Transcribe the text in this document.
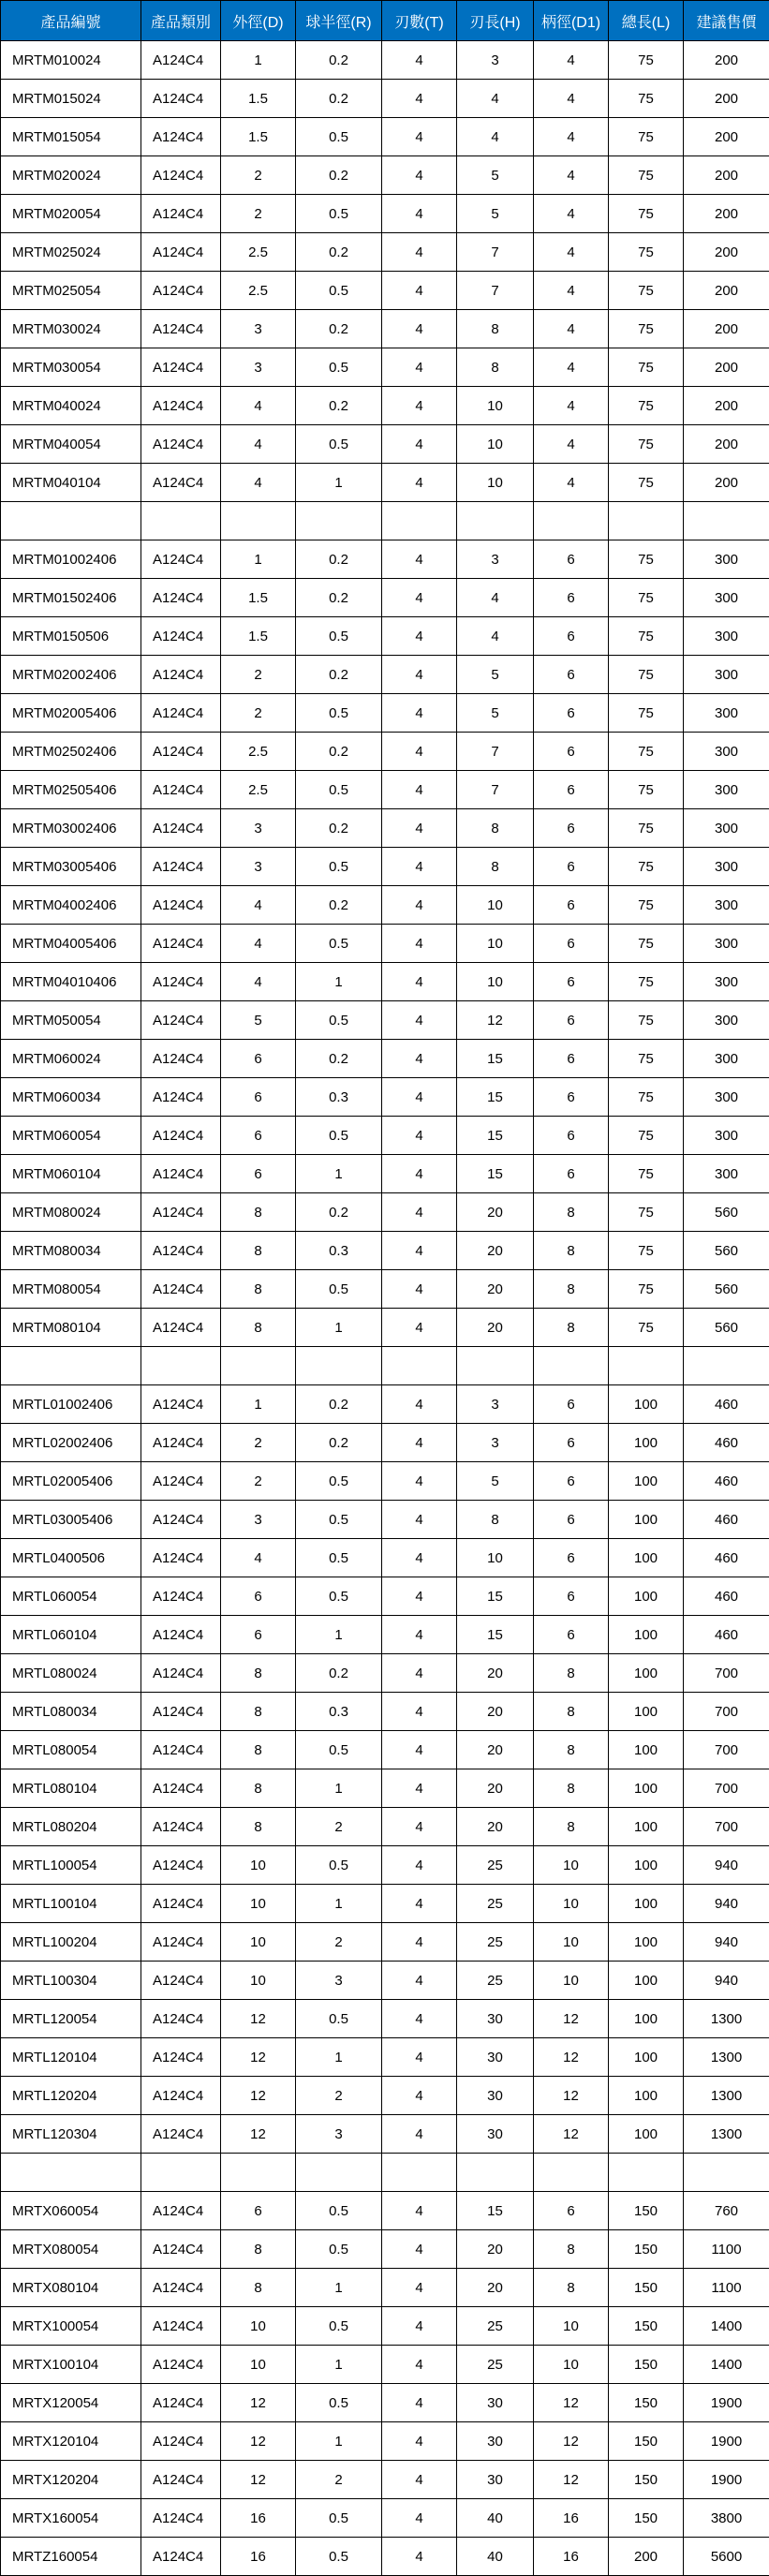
產品編號	產品類別	外徑(D)	球半徑(R)	刃數(T)	刃長(H)	柄徑(D1)	總長(L)	建議售價
MRTM010024	A124C4	1	0.2	4	3	4	75	200
MRTM015024	A124C4	1.5	0.2	4	4	4	75	200
MRTM015054	A124C4	1.5	0.5	4	4	4	75	200
MRTM020024	A124C4	2	0.2	4	5	4	75	200
MRTM020054	A124C4	2	0.5	4	5	4	75	200
MRTM025024	A124C4	2.5	0.2	4	7	4	75	200
MRTM025054	A124C4	2.5	0.5	4	7	4	75	200
MRTM030024	A124C4	3	0.2	4	8	4	75	200
MRTM030054	A124C4	3	0.5	4	8	4	75	200
MRTM040024	A124C4	4	0.2	4	10	4	75	200
MRTM040054	A124C4	4	0.5	4	10	4	75	200
MRTM040104	A124C4	4	1	4	10	4	75	200

MRTM01002406	A124C4	1	0.2	4	3	6	75	300
MRTM01502406	A124C4	1.5	0.2	4	4	6	75	300
MRTM0150506	A124C4	1.5	0.5	4	4	6	75	300
MRTM02002406	A124C4	2	0.2	4	5	6	75	300
MRTM02005406	A124C4	2	0.5	4	5	6	75	300
MRTM02502406	A124C4	2.5	0.2	4	7	6	75	300
MRTM02505406	A124C4	2.5	0.5	4	7	6	75	300
MRTM03002406	A124C4	3	0.2	4	8	6	75	300
MRTM03005406	A124C4	3	0.5	4	8	6	75	300
MRTM04002406	A124C4	4	0.2	4	10	6	75	300
MRTM04005406	A124C4	4	0.5	4	10	6	75	300
MRTM04010406	A124C4	4	1	4	10	6	75	300
MRTM050054	A124C4	5	0.5	4	12	6	75	300
MRTM060024	A124C4	6	0.2	4	15	6	75	300
MRTM060034	A124C4	6	0.3	4	15	6	75	300
MRTM060054	A124C4	6	0.5	4	15	6	75	300
MRTM060104	A124C4	6	1	4	15	6	75	300
MRTM080024	A124C4	8	0.2	4	20	8	75	560
MRTM080034	A124C4	8	0.3	4	20	8	75	560
MRTM080054	A124C4	8	0.5	4	20	8	75	560
MRTM080104	A124C4	8	1	4	20	8	75	560

MRTL01002406	A124C4	1	0.2	4	3	6	100	460
MRTL02002406	A124C4	2	0.2	4	3	6	100	460
MRTL02005406	A124C4	2	0.5	4	5	6	100	460
MRTL03005406	A124C4	3	0.5	4	8	6	100	460
MRTL0400506	A124C4	4	0.5	4	10	6	100	460
MRTL060054	A124C4	6	0.5	4	15	6	100	460
MRTL060104	A124C4	6	1	4	15	6	100	460
MRTL080024	A124C4	8	0.2	4	20	8	100	700
MRTL080034	A124C4	8	0.3	4	20	8	100	700
MRTL080054	A124C4	8	0.5	4	20	8	100	700
MRTL080104	A124C4	8	1	4	20	8	100	700
MRTL080204	A124C4	8	2	4	20	8	100	700
MRTL100054	A124C4	10	0.5	4	25	10	100	940
MRTL100104	A124C4	10	1	4	25	10	100	940
MRTL100204	A124C4	10	2	4	25	10	100	940
MRTL100304	A124C4	10	3	4	25	10	100	940
MRTL120054	A124C4	12	0.5	4	30	12	100	1300
MRTL120104	A124C4	12	1	4	30	12	100	1300
MRTL120204	A124C4	12	2	4	30	12	100	1300
MRTL120304	A124C4	12	3	4	30	12	100	1300

MRTX060054	A124C4	6	0.5	4	15	6	150	760
MRTX080054	A124C4	8	0.5	4	20	8	150	1100
MRTX080104	A124C4	8	1	4	20	8	150	1100
MRTX100054	A124C4	10	0.5	4	25	10	150	1400
MRTX100104	A124C4	10	1	4	25	10	150	1400
MRTX120054	A124C4	12	0.5	4	30	12	150	1900
MRTX120104	A124C4	12	1	4	30	12	150	1900
MRTX120204	A124C4	12	2	4	30	12	150	1900
MRTX160054	A124C4	16	0.5	4	40	16	150	3800
MRTZ160054	A124C4	16	0.5	4	40	16	200	5600
